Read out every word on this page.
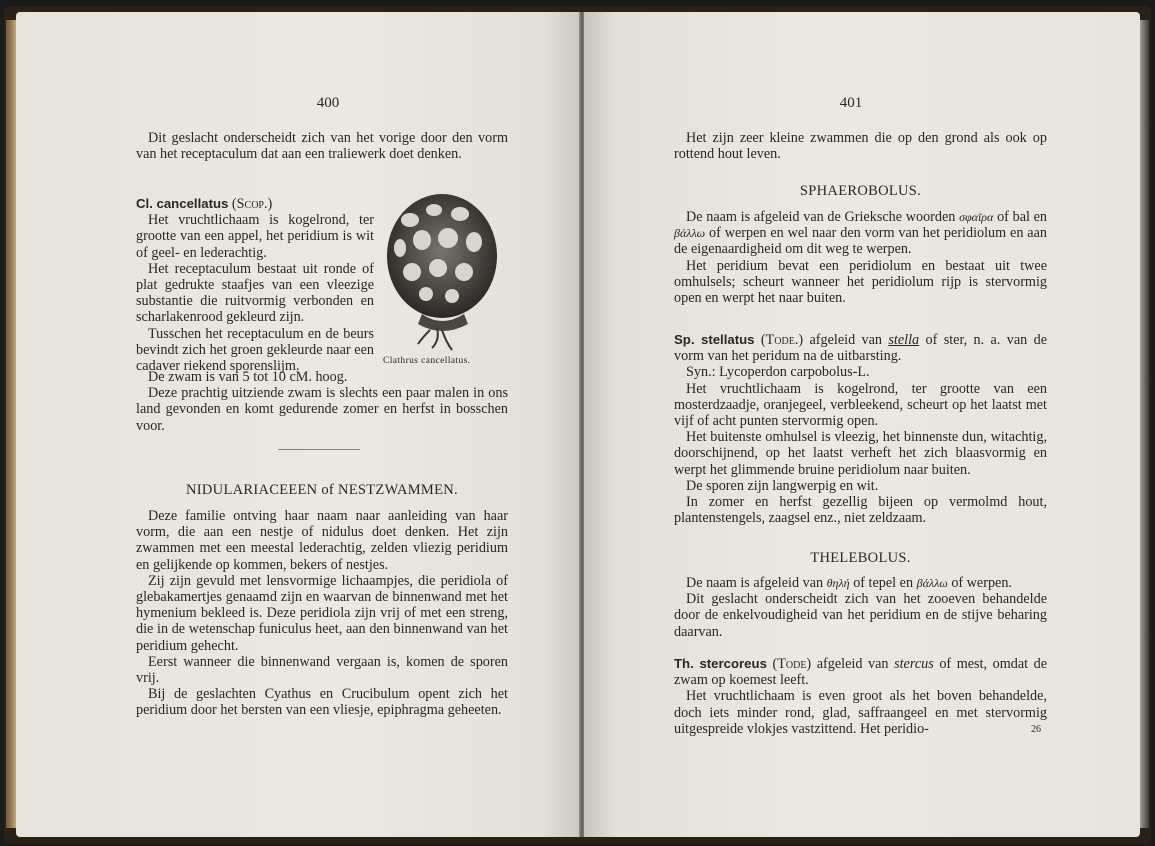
400

Dit geslacht onderscheidt zich van het vorige door den vorm van het receptaculum dat aan een traliewerk doet denken.

Cl. cancellatus (Scop.)

Het vruchtlichaam is kogelrond, ter grootte van een appel, het peridium is wit of geel- en lederachtig.

Het receptaculum bestaat uit ronde of plat gedrukte staafjes van een vleezige substantie die ruitvormig verbonden en scharlakenrood gekleurd zijn.

Tusschen het receptaculum en de beurs bevindt zich het groen gekleurde naar een cadaver riekend sporenslijm.	Clathrus cancellatus.

De zwam is van 5 tot 10 cM. hoog.

Deze prachtig uitziende zwam is slechts een paar malen in ons land gevonden en komt gedurende zomer en herfst in bosschen voor.

NIDULARIACEEEN of NESTZWAMMEN.

Deze familie ontving haar naam naar aanleiding van haar vorm, die aan een nestje of nidulus doet denken. Het zijn zwammen met een meestal lederachtig, zelden vliezig peridium en gelijkende op kommen, bekers of nestjes.

Zij zijn gevuld met lensvormige lichaampjes, die peridiola of glebakamertjes genaamd zijn en waarvan de binnenwand met het hymenium bekleed is. Deze peridiola zijn vrij of met een streng, die in de wetenschap funiculus heet, aan den binnenwand van het peridium gehecht.

Eerst wanneer die binnenwand vergaan is, komen de sporen vrij.

Bij de geslachten Cyathus en Crucibulum opent zich het peridium door het bersten van een vliesje, epiphragma geheeten.

401

Het zijn zeer kleine zwammen die op den grond als ook op rottend hout leven.

SPHAEROBOLUS.

De naam is afgeleid van de Grieksche woorden σφαῖρα of bal en βάλλω of werpen en wel naar den vorm van het peridiolum en aan de eigenaardigheid om dit weg te werpen.

Het peridium bevat een peridiolum en bestaat uit twee omhulsels; scheurt wanneer het peridiolum rijp is stervormig open en werpt het naar buiten.

Sp. stellatus (Tode.) afgeleid van stella of ster, n. a. van de vorm van het peridum na de uitbarsting.

Syn.: Lycoperdon carpobolus-L.

Het vruchtlichaam is kogelrond, ter grootte van een mosterdzaadje, oranjegeel, verbleekend, scheurt op het laatst met vijf of acht punten stervormig open.

Het buitenste omhulsel is vleezig, het binnenste dun, witachtig, doorschijnend, op het laatst verheft het zich blaasvormig en werpt het glimmende bruine peridiolum naar buiten.

De sporen zijn langwerpig en wit.

In zomer en herfst gezellig bijeen op vermolmd hout, plantenstengels, zaagsel enz., niet zeldzaam.

THELEBOLUS.

De naam is afgeleid van θηλή of tepel en βάλλω of werpen.

Dit geslacht onderscheidt zich van het zooeven behandelde door de enkelvoudigheid van het peridium en de stijve beharing daarvan.

Th. stercoreus (Tode) afgeleid van stercus of mest, omdat de zwam op koemest leeft.

Het vruchtlichaam is even groot als het boven behandelde, doch iets minder rond, glad, saffraangeel en met stervormig uitgespreide vlokjes vastzittend. Het peridio-	26
